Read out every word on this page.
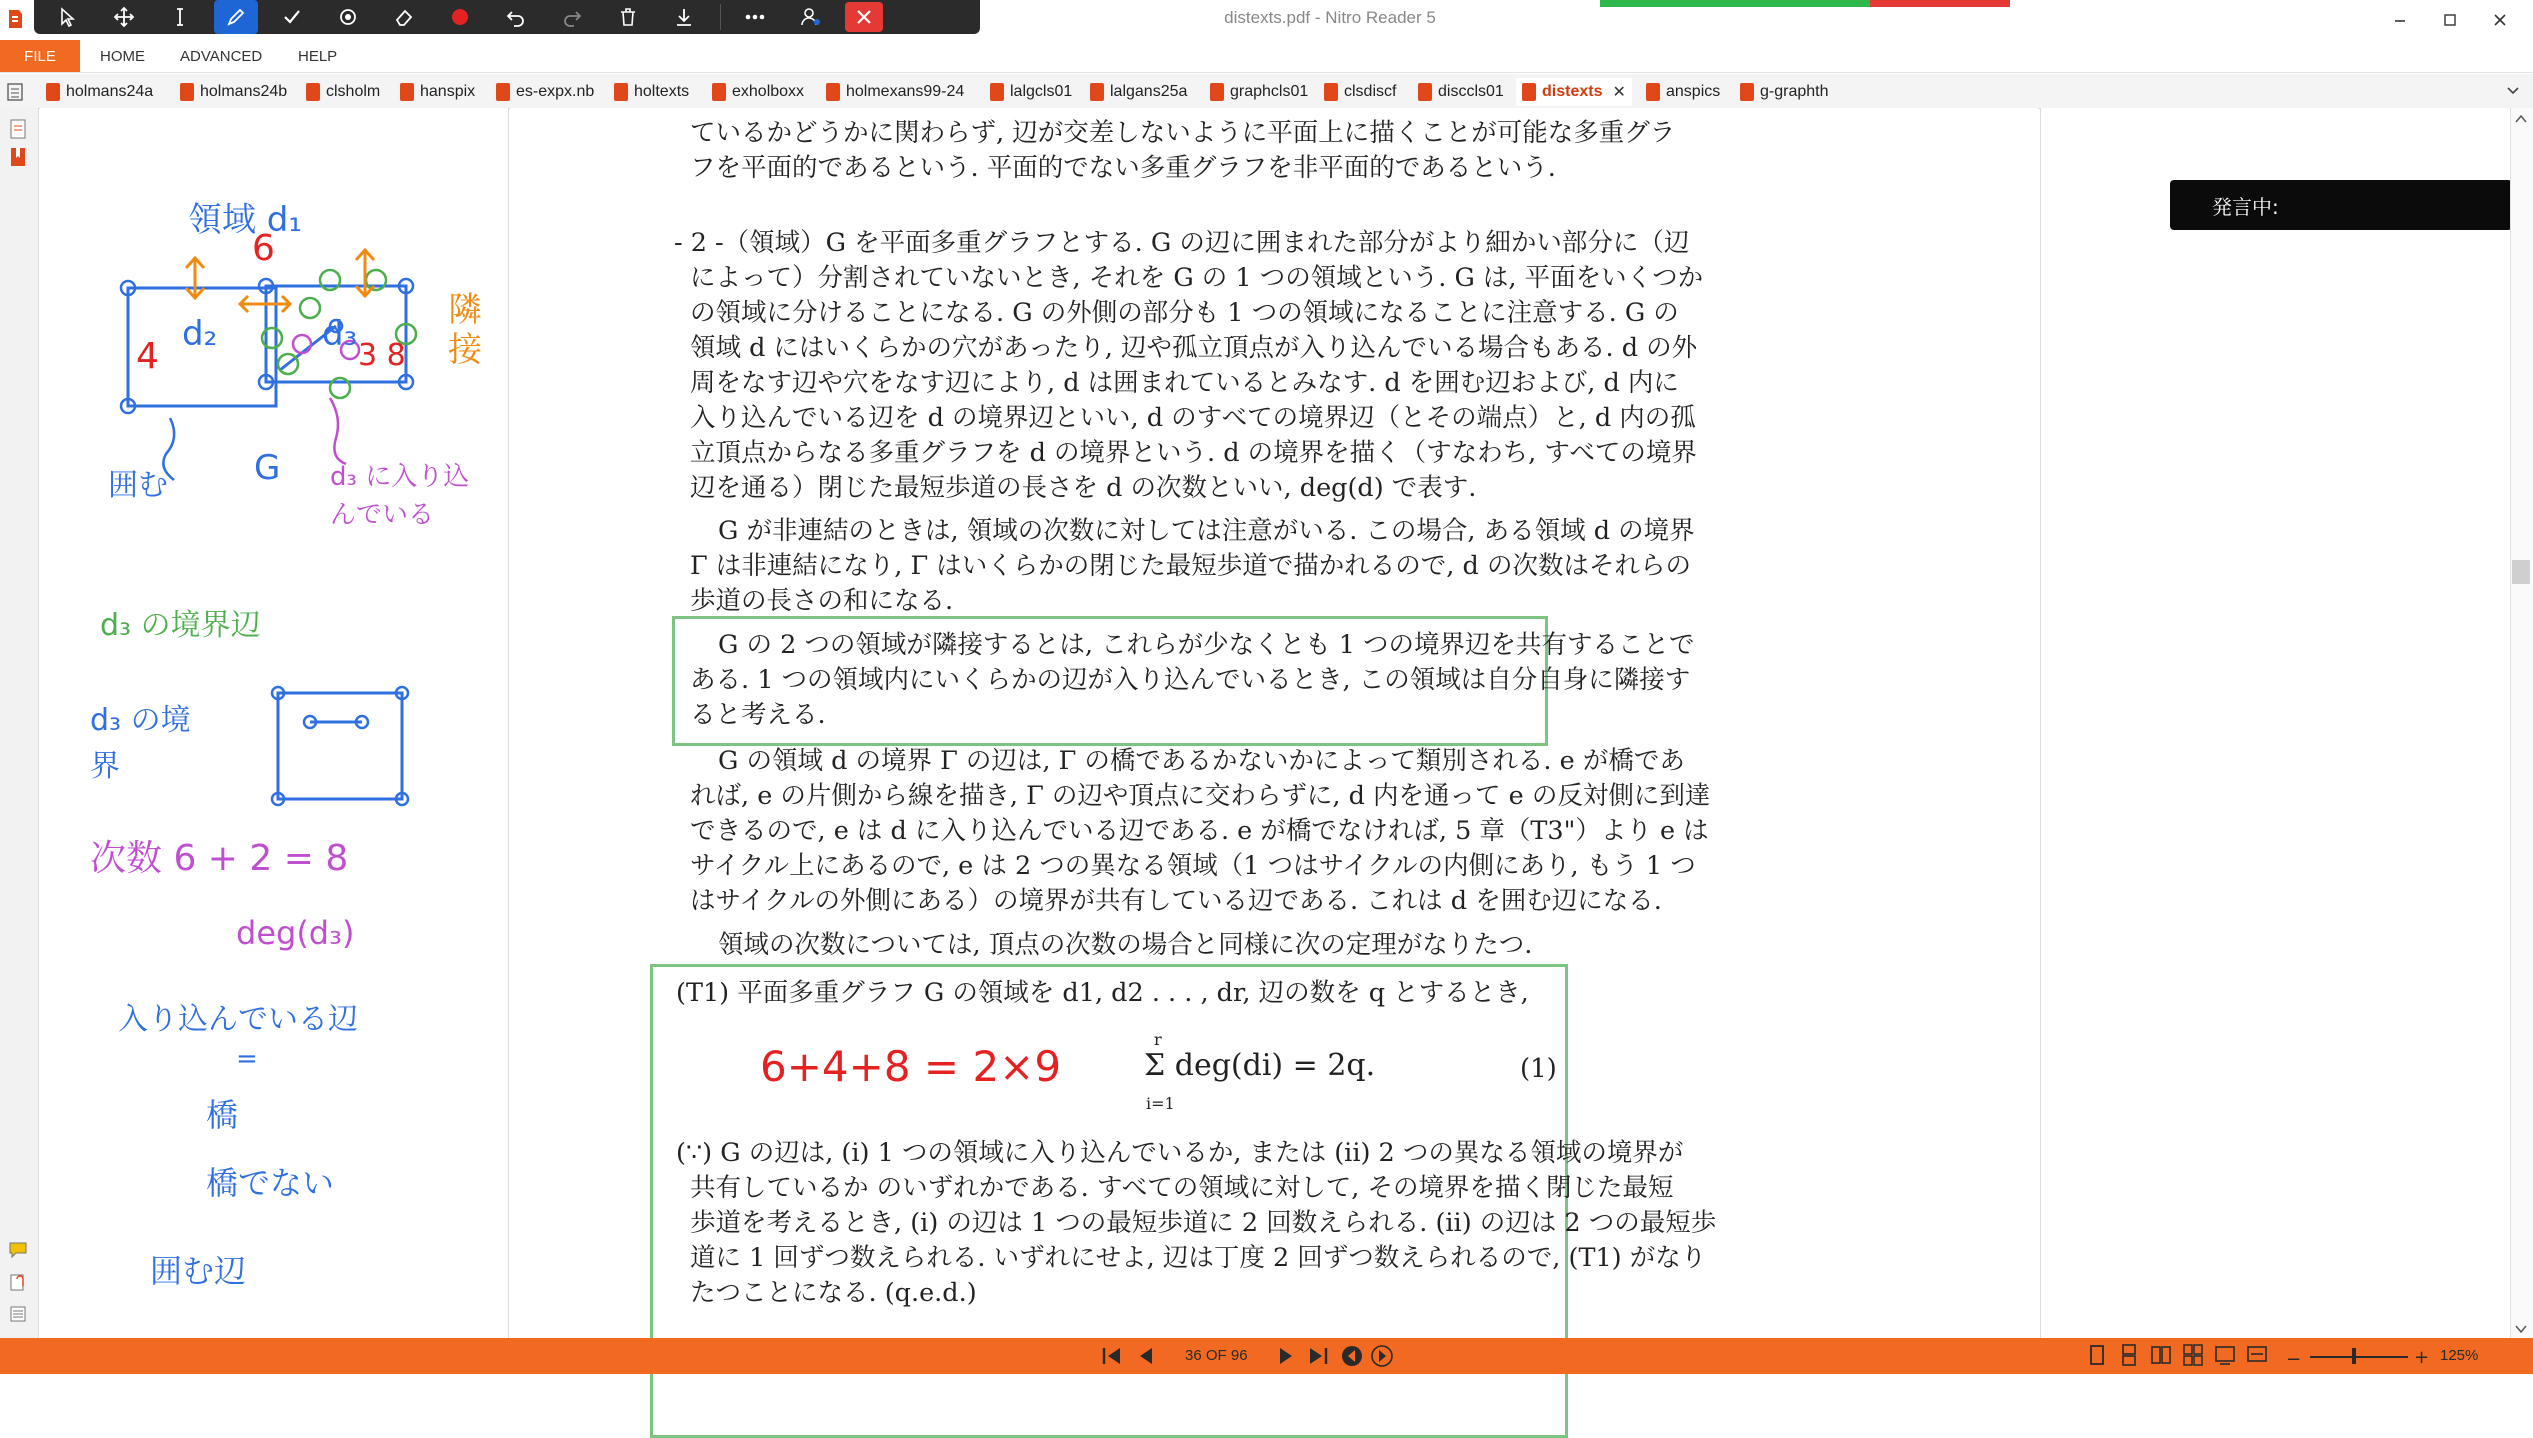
distexts.pdf - Nitro Reader 5
FILE	HOME ADVANCED HELP
holmans24a	holmans24b clsholm hanspix	es-expx.nb holtexts	exholboxx	holmexans99-24	lalgcls01 lalgans25a	graphcls01 clsdiscf	disccls01 distexts ✕	anspics g-graphth
領域 d₁
6
4
d₂	d₃
3 8
隣接
囲む	G d₃ に入り込んでいる
d₃ の境界辺
d₃ の境界
次数 6 + 2 = 8
deg(d₃)
入り込んでいる辺
=
橋
橋でない
囲む辺
ているかどうかに関わらず, 辺が交差しないように平面上に描くことが可能な多重グラ
フを平面的であるという. 平面的でない多重グラフを非平面的であるという.
- 2 -（領域）G を平面多重グラフとする. G の辺に囲まれた部分がより細かい部分に（辺
によって）分割されていないとき, それを G の 1 つの領域という. G は, 平面をいくつか
の領域に分けることになる. G の外側の部分も 1 つの領域になることに注意する. G の
領域 d にはいくらかの穴があったり, 辺や孤立頂点が入り込んでいる場合もある. d の外
周をなす辺や穴をなす辺により, d は囲まれているとみなす. d を囲む辺および, d 内に
入り込んでいる辺を d の境界辺といい, d のすべての境界辺（とその端点）と, d 内の孤
立頂点からなる多重グラフを d の境界という. d の境界を描く（すなわち, すべての境界
辺を通る）閉じた最短歩道の長さを d の次数といい, deg(d) で表す.
G が非連結のときは, 領域の次数に対しては注意がいる. この場合, ある領域 d の境界
Γ は非連結になり, Γ はいくらかの閉じた最短歩道で描かれるので, d の次数はそれらの
歩道の長さの和になる.
G の 2 つの領域が隣接するとは, これらが少なくとも 1 つの境界辺を共有することで
ある. 1 つの領域内にいくらかの辺が入り込んでいるとき, この領域は自分自身に隣接す
ると考える.
G の領域 d の境界 Γ の辺は, Γ の橋であるかないかによって類別される. e が橋であ
れば, e の片側から線を描き, Γ の辺や頂点に交わらずに, d 内を通って e の反対側に到達
できるので, e は d に入り込んでいる辺である. e が橋でなければ, 5 章（T3"）より e は
サイクル上にあるので, e は 2 つの異なる領域（1 つはサイクルの内側にあり, もう 1 つ
はサイクルの外側にある）の境界が共有している辺である. これは d を囲む辺になる.
領域の次数については, 頂点の次数の場合と同様に次の定理がなりたつ.
(T1) 平面多重グラフ G の領域を d1, d2 . . . , dr, 辺の数を q とするとき,
6+4+8 = 2×9
r
Σ deg(di) = 2q.
i=1
(1)
(∵) G の辺は, (i) 1 つの領域に入り込んでいるか, または (ii) 2 つの異なる領域の境界が
共有しているか のいずれかである. すべての領域に対して, その境界を描く閉じた最短
歩道を考えるとき, (i) の辺は 1 つの最短歩道に 2 回数えられる. (ii) の辺は 2 つの最短歩
道に 1 回ずつ数えられる. いずれにせよ, 辺は丁度 2 回ずつ数えられるので, (T1) がなり
たつことになる. (q.e.d.)
発言中:
36 OF 96	−	+ 125%
